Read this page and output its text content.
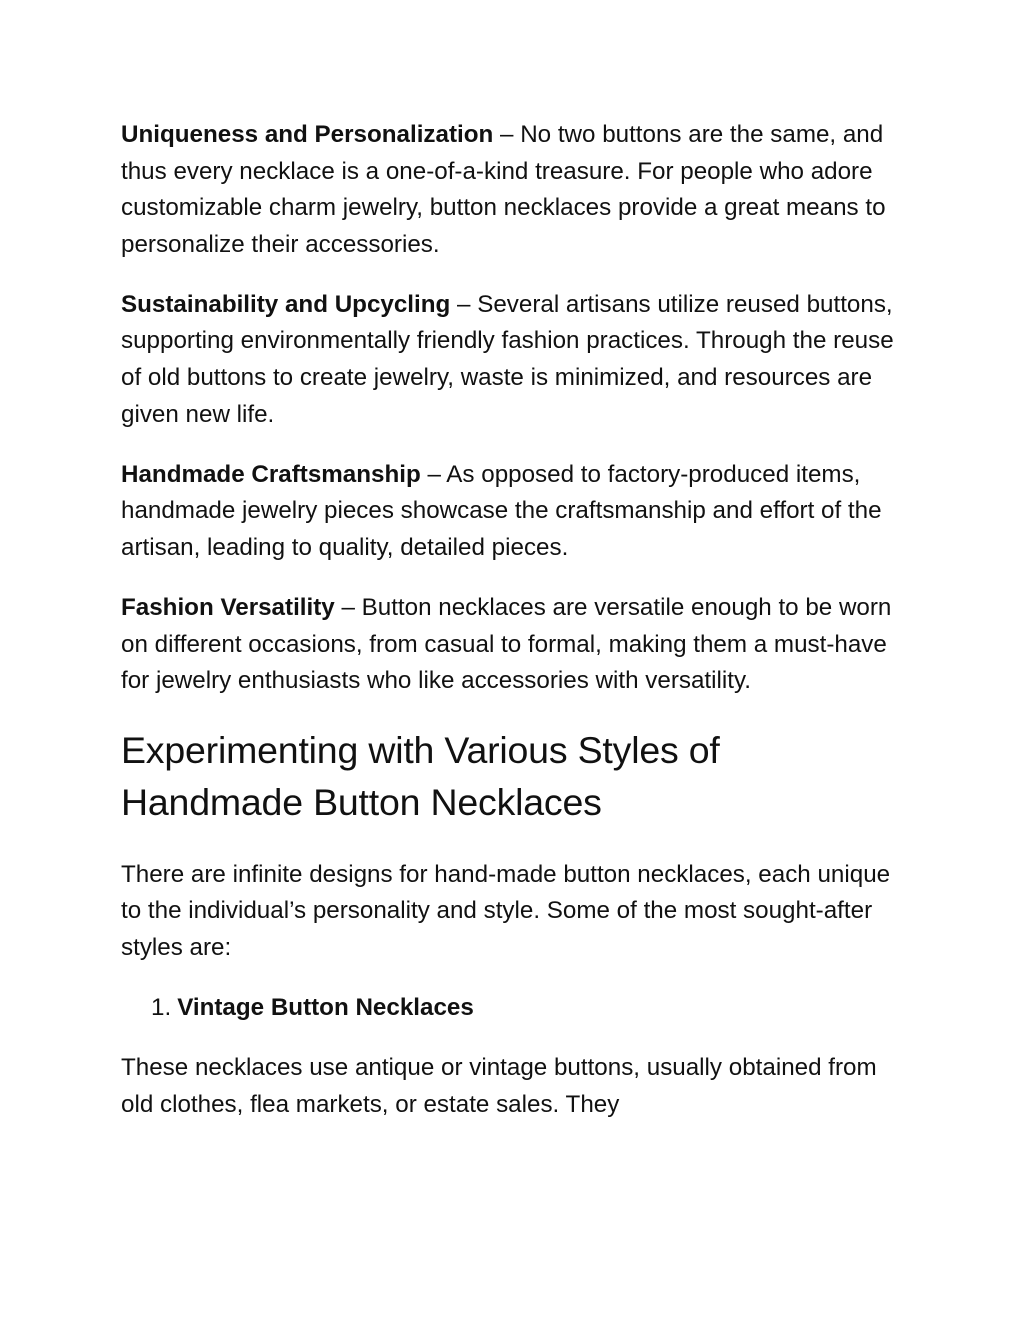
Uniqueness and Personalization – No two buttons are the same, and thus every necklace is a one-of-a-kind treasure. For people who adore customizable charm jewelry, button necklaces provide a great means to personalize their accessories.

Sustainability and Upcycling – Several artisans utilize reused buttons, supporting environmentally friendly fashion practices. Through the reuse of old buttons to create jewelry, waste is minimized, and resources are given new life.

Handmade Craftsmanship – As opposed to factory-produced items, handmade jewelry pieces showcase the craftsmanship and effort of the artisan, leading to quality, detailed pieces.

Fashion Versatility – Button necklaces are versatile enough to be worn on different occasions, from casual to formal, making them a must-have for jewelry enthusiasts who like accessories with versatility.

Experimenting with Various Styles of Handmade Button Necklaces

There are infinite designs for hand-made button necklaces, each unique to the individual’s personality and style. Some of the most sought-after styles are:

1. Vintage Button Necklaces

These necklaces use antique or vintage buttons, usually obtained from old clothes, flea markets, or estate sales. They
